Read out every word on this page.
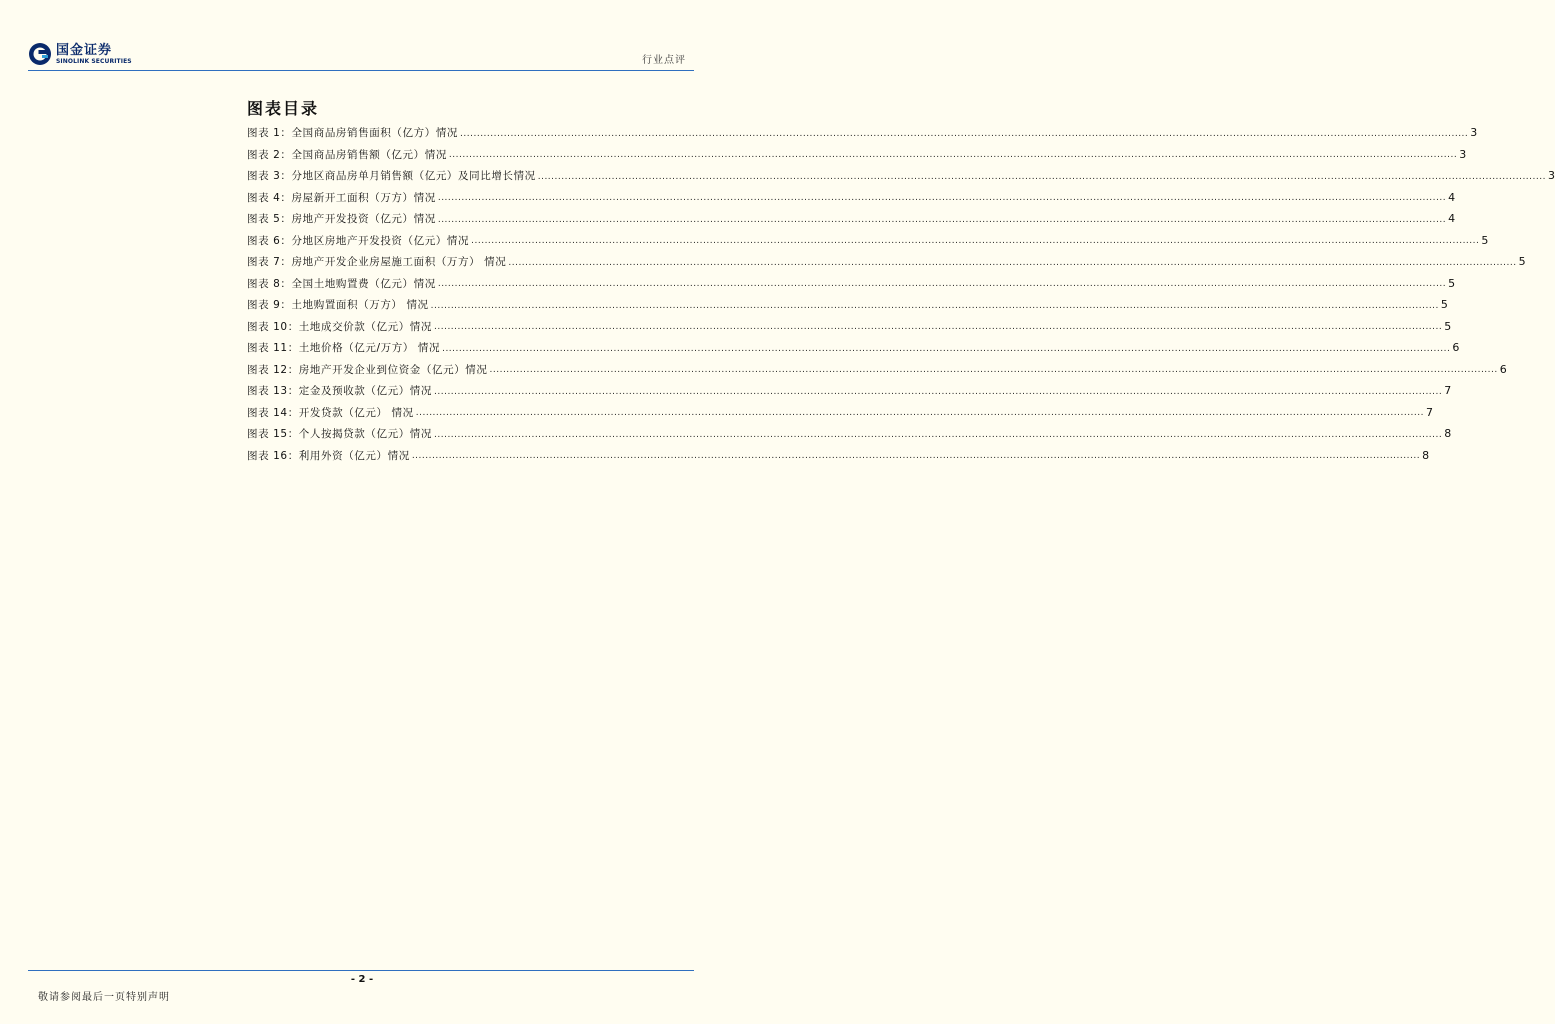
国金证券
SINOLINK SECURITIES	行业点评
图表目录
图表 1：全国商品房销售面积（亿方）情况 ............................................................................................................................................................................................................................................................................................................ 3
图表 2：全国商品房销售额（亿元）情况 ............................................................................................................................................................................................................................................................................................................ 3
图表 3：分地区商品房单月销售额（亿元）及同比增长情况 ............................................................................................................................................................................................................................................................................................................ 3
图表 4：房屋新开工面积（万方）情况 ............................................................................................................................................................................................................................................................................................................ 4
图表 5：房地产开发投资（亿元）情况 ............................................................................................................................................................................................................................................................................................................ 4
图表 6：分地区房地产开发投资（亿元）情况 ............................................................................................................................................................................................................................................................................................................ 5
图表 7：房地产开发企业房屋施工面积（万方） 情况 ............................................................................................................................................................................................................................................................................................................ 5
图表 8：全国土地购置费（亿元）情况 ............................................................................................................................................................................................................................................................................................................ 5
图表 9：土地购置面积（万方） 情况 ............................................................................................................................................................................................................................................................................................................ 5
图表 10：土地成交价款（亿元）情况 ............................................................................................................................................................................................................................................................................................................ 5
图表 11：土地价格（亿元/万方） 情况 ............................................................................................................................................................................................................................................................................................................ 6
图表 12：房地产开发企业到位资金（亿元）情况 ............................................................................................................................................................................................................................................................................................................ 6
图表 13：定金及预收款（亿元）情况 ............................................................................................................................................................................................................................................................................................................ 7
图表 14：开发贷款（亿元） 情况 ............................................................................................................................................................................................................................................................................................................ 7
图表 15：个人按揭贷款（亿元）情况 ............................................................................................................................................................................................................................................................................................................ 8
图表 16：利用外资（亿元）情况 ............................................................................................................................................................................................................................................................................................................ 8
- 2 -
敬请参阅最后一页特别声明
